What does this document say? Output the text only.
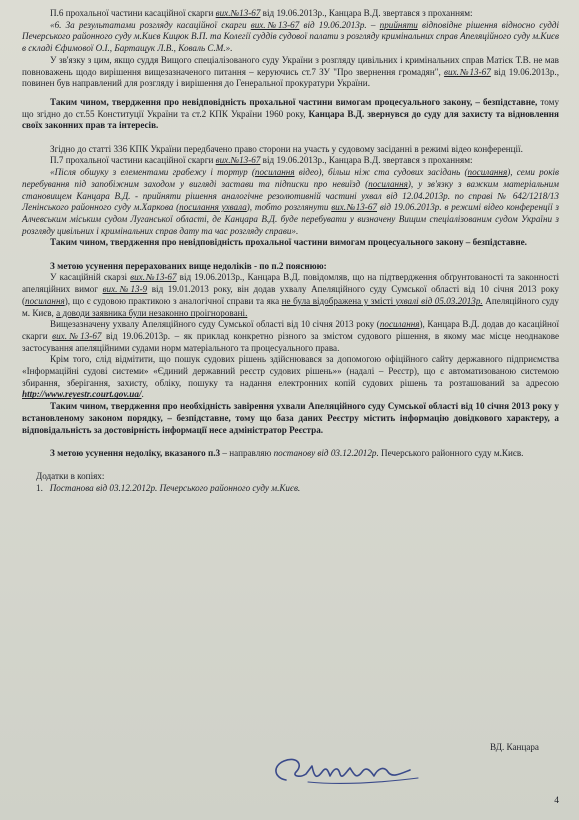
П.6 прохальної частини касаційної скарги вих.№13-67 від 19.06.2013р., Канцара В.Д. звертався з проханням:

«6. За результатами розгляду касаційної скарги вих.№13-67 від 19.06.2013р. – прийняти відповідне рішення відносно судді Печерського районного суду м.Києв Кицюк В.П. та Колегії суддів судової палати з розгляду кримінальних справ Апеляційного суду м.Києв в складі Єфимової О.І., Бартащук Л.В., Коваль С.М.».

У зв'язку з цим, якщо суддя Вищого спеціалізованого суду України з розгляду цивільних і кримінальних справ Матієк Т.В. не мав повноважень щодо вирішення вищезазначеного питання – керуючись ст.7 ЗУ "Про звернення громадян", вих.№13-67 від 19.06.2013р., повинен був направлений для розгляду і вирішення до Генеральної прокуратури України.

Таким чином, твердження про невідповідність прохальної частини вимогам процесуального закону, – безпідставне, тому що згідно до ст.55 Конституції України та ст.2 КПК України 1960 року, Канцара В.Д. звернувся до суду для захисту та відновлення своїх законних прав та інтересів.

Згідно до статті 336 КПК України передбачено право сторони на участь у судовому засіданні в режимі відео конференції.

П.7 прохальної частини касаційної скарги вих.№13-67 від 19.06.2013р., Канцара В.Д. звертався з проханням:

«Після обшуку з елементами грабежу і тортур (посилання відео), більш ніж ста судових засідань (посилання), семи років перебування під запобіжним заходом у вигляді застави та підписки про невиїзд (посилання), у зв'язку з важким матеріальним становищем Канцара В.Д. - прийняти рішення аналогічне резолютивній частині ухвал від 12.04.2013р. по справі № 642/1218/13 Ленінського районного суду м.Харкова (посилання ухвала), тобто розглянути вих.№13-67 від 19.06.2013р. в режимі відео конференції з Алчевським міським судом Луганської області, де Канцара В.Д. буде перебувати у визначену Вищим спеціалізованим судом України з розгляду цивільних і кримінальних справ дату та час розгляду справи».

Таким чином, твердження про невідповідність прохальної частини вимогам процесуального закону – безпідставне.

З метою усунення перерахованих вище недоліків - по п.2 пояснюю:

У касаційній скарзі вих.№13-67 від 19.06.2013р., Канцара В.Д. повідомляв, що на підтвердження обґрунтованості та законності апеляційних вимог вих.№13-9 від 19.01.2013 року, він додав ухвалу Апеляційного суду Сумської області від 10 січня 2013 року (посилання), що є судовою практикою з аналогічної справи та яка не була відображена у змісті ухвалі від 05.03.2013р. Апеляційного суду м. Києв, а доводи заявника були незаконно проігноровані.

Вищезазначену ухвалу Апеляційного суду Сумської області від 10 січня 2013 року (посилання), Канцара В.Д. додав до касаційної скарги вих.№13-67 від 19.06.2013р. – як приклад конкретно різного за змістом судового рішення, в якому має місце неоднакове застосування апеляційними судами норм матеріального та процесуального права.

Крім того, слід відмітити, що пошук судових рішень здійснювався за допомогою офіційного сайту державного підприємства «Інформаційні судові системи» «Єдиний державний реєстр судових рішень»» (надалі – Реєстр), що є автоматизованою системою збирання, зберігання, захисту, обліку, пошуку та надання електронних копій судових рішень та розташований за адресою http://www.reyestr.court.gov.ua/.

Таким чином, твердження про необхідність завірення ухвали Апеляційного суду Сумської області від 10 січня 2013 року у встановленому законом порядку, – безпідставне, тому що база даних Реєстру містить інформацію довідкового характеру, а відповідальність за достовірність інформації несе адміністратор Реєстра.

З метою усунення недоліку, вказаного п.3 – направляю постанову від 03.12.2012р. Печерського районного суду м.Києв.

Додатки в копіях:

1. Постанова від 03.12.2012р. Печерського районного суду м.Києв.

ВД. Канцара
4
